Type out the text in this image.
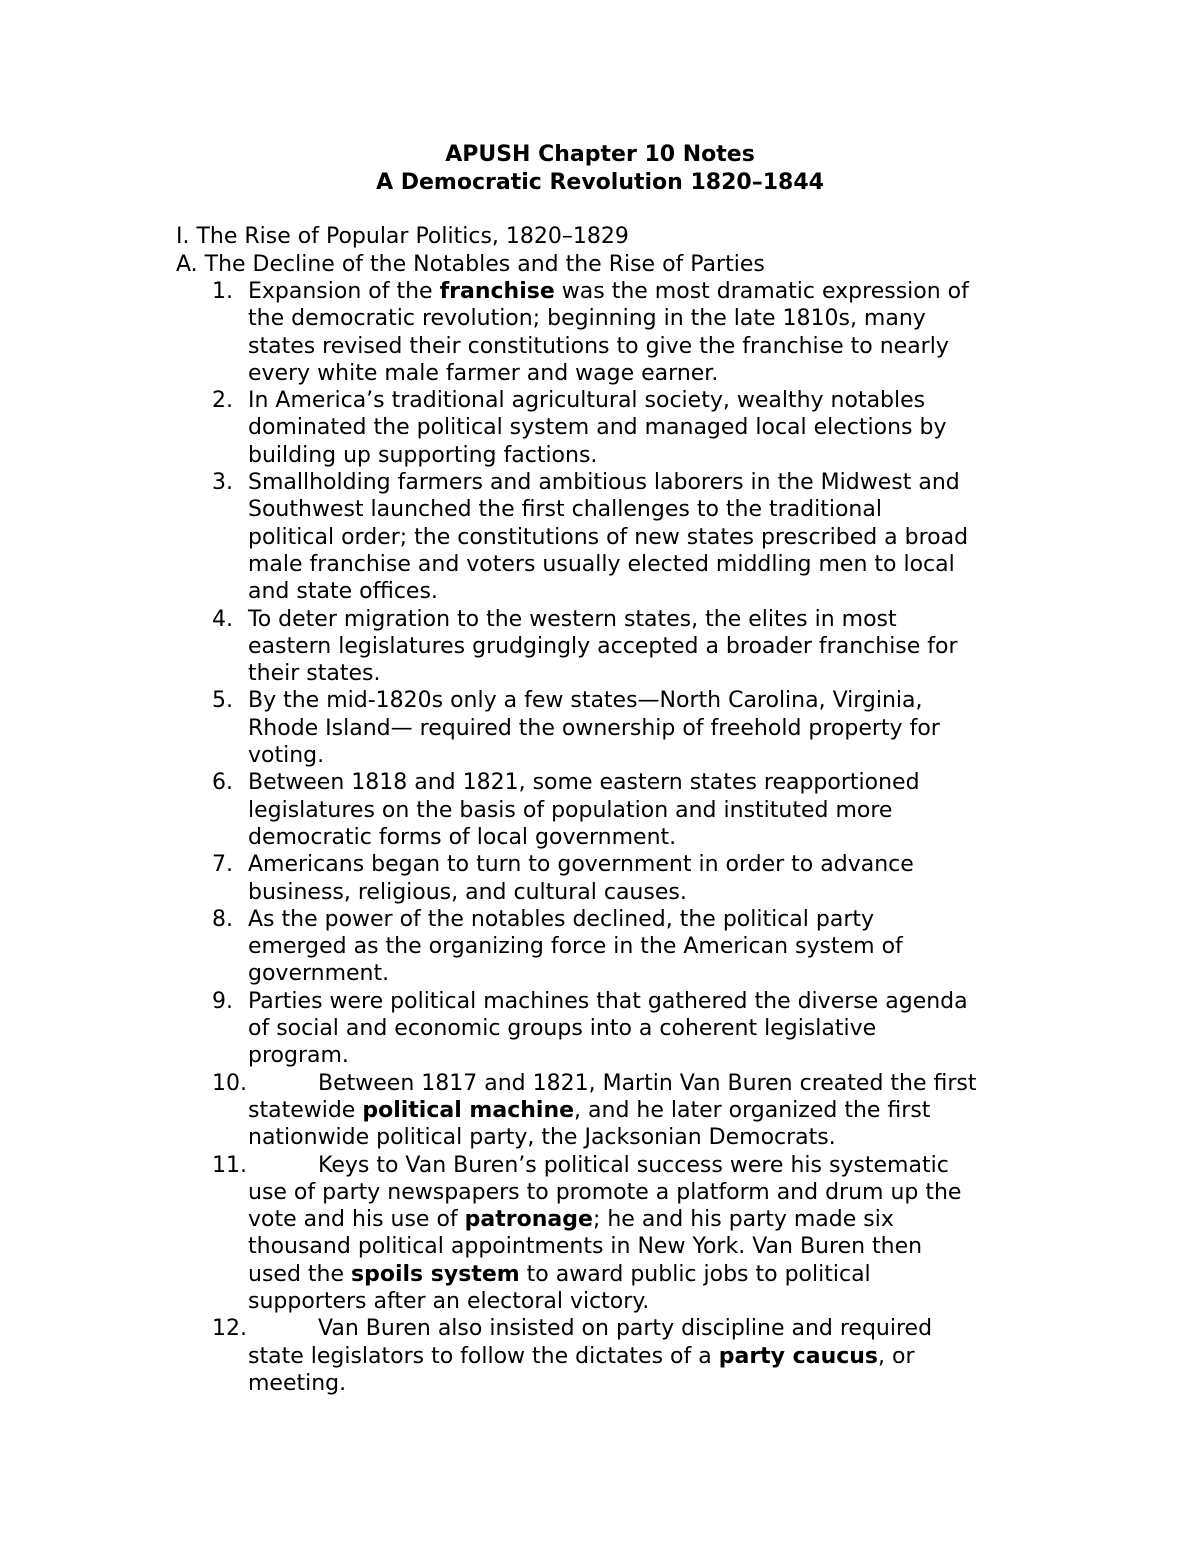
APUSH Chapter 10 Notes
A Democratic Revolution 1820–1844
I. The Rise of Popular Politics, 1820–1829
A. The Decline of the Notables and the Rise of Parties
1. Expansion of the franchise was the most dramatic expression of
the democratic revolution; beginning in the late 1810s, many
states revised their constitutions to give the franchise to nearly
every white male farmer and wage earner.
2. In America’s traditional agricultural society, wealthy notables
dominated the political system and managed local elections by
building up supporting factions.
3. Smallholding farmers and ambitious laborers in the Midwest and
Southwest launched the first challenges to the traditional
political order; the constitutions of new states prescribed a broad
male franchise and voters usually elected middling men to local
and state offices.
4. To deter migration to the western states, the elites in most
eastern legislatures grudgingly accepted a broader franchise for
their states.
5. By the mid-1820s only a few states—North Carolina, Virginia,
Rhode Island— required the ownership of freehold property for
voting.
6. Between 1818 and 1821, some eastern states reapportioned
legislatures on the basis of population and instituted more
democratic forms of local government.
7. Americans began to turn to government in order to advance
business, religious, and cultural causes.
8. As the power of the notables declined, the political party
emerged as the organizing force in the American system of
government.
9. Parties were political machines that gathered the diverse agenda
of social and economic groups into a coherent legislative
program.
10.	Between 1817 and 1821, Martin Van Buren created the first
statewide political machine, and he later organized the first
nationwide political party, the Jacksonian Democrats.
11.	Keys to Van Buren’s political success were his systematic
use of party newspapers to promote a platform and drum up the
vote and his use of patronage; he and his party made six
thousand political appointments in New York. Van Buren then
used the spoils system to award public jobs to political
supporters after an electoral victory.
12.	Van Buren also insisted on party discipline and required
state legislators to follow the dictates of a party caucus, or
meeting.
